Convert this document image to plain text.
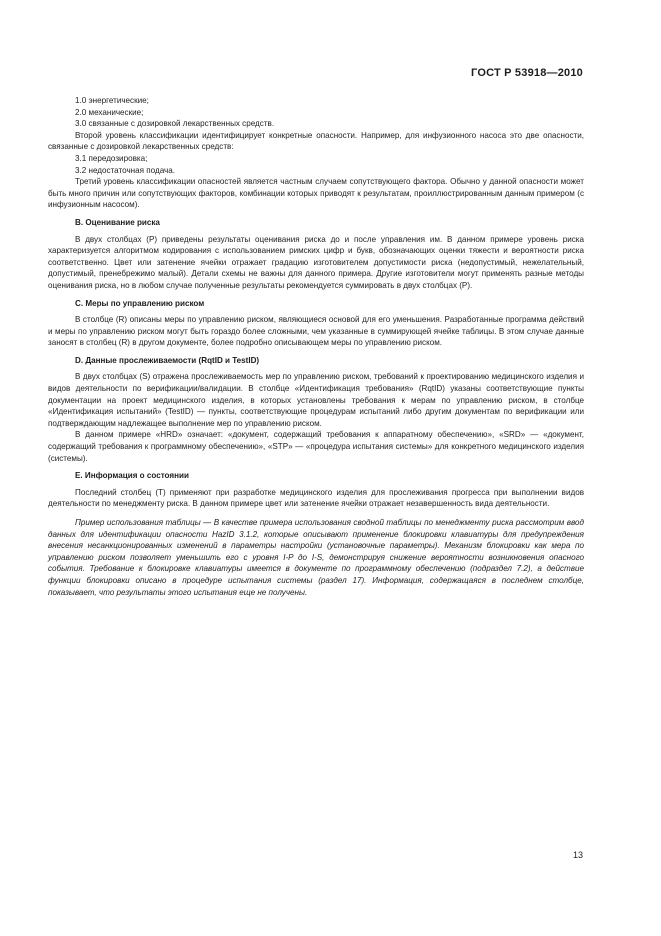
ГОСТ Р 53918—2010

1.0 энергетические;

2.0 механические;

3.0 связанные с дозировкой лекарственных средств.

Второй уровень классификации идентифицирует конкретные опасности. Например, для инфузионного насоса это две опасности, связанные с дозировкой лекарственных средств:

3.1 передозировка;

3.2 недостаточная подача.

Третий уровень классификации опасностей является частным случаем сопутствующего фактора. Обычно у данной опасности может быть много причин или сопутствующих факторов, комбинации которых приводят к результатам, проиллюстрированным данным примером (с инфузионным насосом).

B. Оценивание риска

В двух столбцах (P) приведены результаты оценивания риска до и после управления им. В данном примере уровень риска характеризуется алгоритмом кодирования с использованием римских цифр и букв, обозначающих оценки тяжести и вероятности риска соответственно. Цвет или затенение ячейки отражает градацию изготовителем допустимости риска (недопустимый, нежелательный, допустимый, пренебрежимо малый). Детали схемы не важны для данного примера. Другие изготовители могут применять разные методы оценивания риска, но в любом случае полученные результаты рекомендуется суммировать в двух столбцах (P).

C. Меры по управлению риском

В столбце (R) описаны меры по управлению риском, являющиеся основой для его уменьшения. Разработанные программа действий и меры по управлению риском могут быть гораздо более сложными, чем указанные в суммирующей ячейке таблицы. В этом случае данные заносят в столбец (R) в другом документе, более подробно описывающем меры по управлению риском.

D. Данные прослеживаемости (RqtID и TestID)

В двух столбцах (S) отражена прослеживаемость мер по управлению риском, требований к проектированию медицинского изделия и видов деятельности по верификации/валидации. В столбце «Идентификация требования» (RqtID) указаны соответствующие пункты документации на проект медицинского изделия, в которых установлены требования к мерам по управлению риском, в столбце «Идентификация испытаний» (TestID) — пункты, соответствующие процедурам испытаний либо другим документам по верификации или подтверждающим надлежащее выполнение мер по управлению риском.

В данном примере «HRD» означает: «документ, содержащий требования к аппаратному обеспечению», «SRD» — «документ, содержащий требования к программному обеспечению», «STP» — «процедура испытания системы» для конкретного медицинского изделия (системы).

E. Информация о состоянии

Последний столбец (T) применяют при разработке медицинского изделия для прослеживания прогресса при выполнении видов деятельности по менеджменту риска. В данном примере цвет или затенение ячейки отражает незавершенность вида деятельности.

Пример использования таблицы — В качестве примера использования сводной таблицы по менеджменту риска рассмотрим ввод данных для идентификации опасности HazID 3.1.2, которые описывают применение блокировки клавиатуры для предупреждения внесения несанкционированных изменений в параметры настройки (установочные параметры). Механизм блокировки как мера по управлению риском позволяет уменьшить его с уровня I-P до I-S, демонстрируя снижение вероятности возникновения опасного события. Требование к блокировке клавиатуры имеется в документе по программному обеспечению (подраздел 7.2), а действие функции блокировки описано в процедуре испытания системы (раздел 17). Информация, содержащаяся в последнем столбце, показывает, что результаты этого испытания еще не получены.

13
